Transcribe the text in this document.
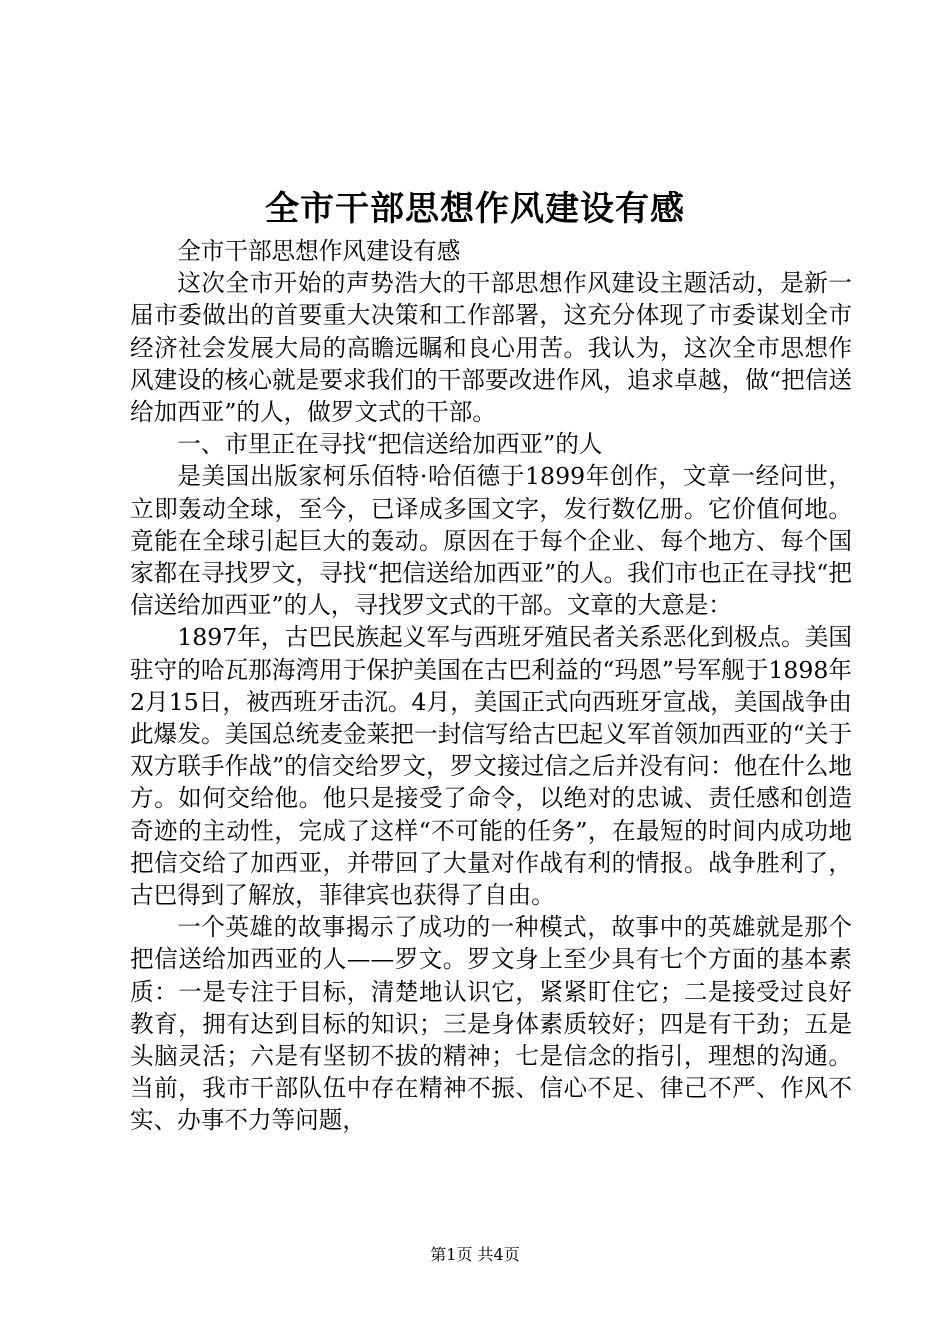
全市干部思想作风建设有感

全市干部思想作风建设有感

这次全市开始的声势浩大的干部思想作风建设主题活动，是新一届市委做出的首要重大决策和工作部署，这充分体现了市委谋划全市经济社会发展大局的高瞻远瞩和良心用苦。我认为，这次全市思想作风建设的核心就是要求我们的干部要改进作风，追求卓越，做“把信送给加西亚”的人，做罗文式的干部。

一、市里正在寻找“把信送给加西亚”的人

是美国出版家柯乐佰特·哈佰德于1899年创作，文章一经问世，立即轰动全球，至今，已译成多国文字，发行数亿册。它价值何地。竟能在全球引起巨大的轰动。原因在于每个企业、每个地方、每个国家都在寻找罗文，寻找“把信送给加西亚”的人。我们市也正在寻找“把信送给加西亚”的人，寻找罗文式的干部。文章的大意是：

1897年，古巴民族起义军与西班牙殖民者关系恶化到极点。美国驻守的哈瓦那海湾用于保护美国在古巴利益的“玛恩”号军舰于1898年2月15日，被西班牙击沉。4月，美国正式向西班牙宣战，美国战争由此爆发。美国总统麦金莱把一封信写给古巴起义军首领加西亚的“关于双方联手作战”的信交给罗文，罗文接过信之后并没有问：他在什么地方。如何交给他。他只是接受了命令，以绝对的忠诚、责任感和创造奇迹的主动性，完成了这样“不可能的任务”，在最短的时间内成功地把信交给了加西亚，并带回了大量对作战有利的情报。战争胜利了，古巴得到了解放，菲律宾也获得了自由。

一个英雄的故事揭示了成功的一种模式，故事中的英雄就是那个把信送给加西亚的人——罗文。罗文身上至少具有七个方面的基本素质：一是专注于目标，清楚地认识它，紧紧盯住它；二是接受过良好教育，拥有达到目标的知识；三是身体素质较好；四是有干劲；五是头脑灵活；六是有坚韧不拔的精神；七是信念的指引，理想的沟通。当前，我市干部队伍中存在精神不振、信心不足、律己不严、作风不实、办事不力等问题，

第1页 共4页
